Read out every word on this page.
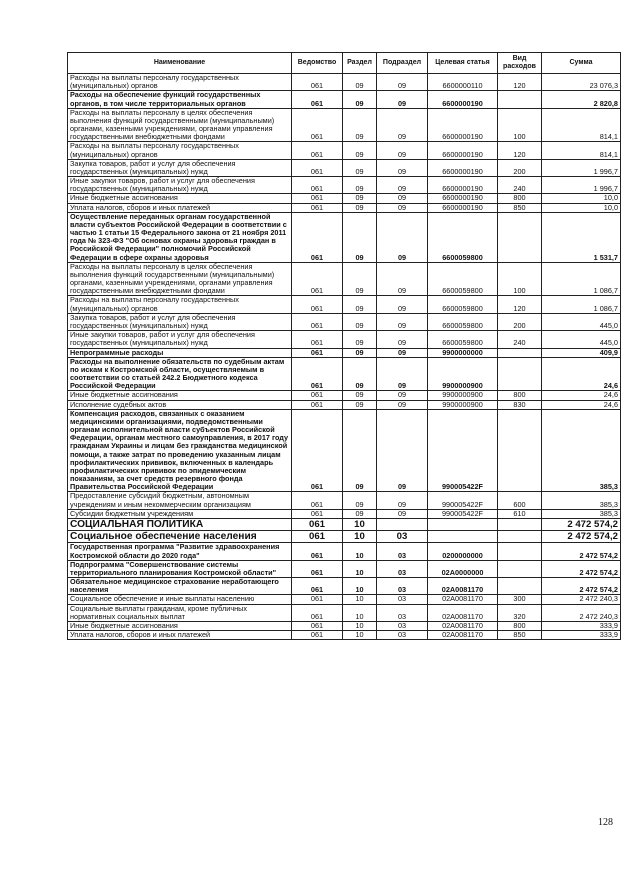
Наименование	Ведомство	Раздел	Подраздел	Целевая статья	Вид расходов	Сумма
Расходы на выплаты персоналу государственных (муниципальных) органов	061	09	09	6600000110	120	23 076,3
Расходы на обеспечение функций государственных органов, в том числе территориальных органов	061	09	09	6600000190		2 820,8
Расходы на выплаты персоналу в целях обеспечения выполнения функций государственными (муниципальными) органами, казенными учреждениями, органами управления государственными внебюджетными фондами	061	09	09	6600000190	100	814,1
Расходы на выплаты персоналу государственных (муниципальных) органов	061	09	09	6600000190	120	814,1
Закупка товаров, работ и услуг для обеспечения государственных (муниципальных) нужд	061	09	09	6600000190	200	1 996,7
Иные закупки товаров, работ и услуг для обеспечения государственных (муниципальных) нужд	061	09	09	6600000190	240	1 996,7
Иные бюджетные ассигнования	061	09	09	6600000190	800	10,0
Уплата налогов, сборов и иных платежей	061	09	09	6600000190	850	10,0
Осуществление переданных органам государственной власти субъектов Российской Федерации в соответствии с частью 1 статьи 15 Федерального закона от 21 ноября 2011 года № 323-ФЗ "Об основах охраны здоровья граждан в Российской Федерации" полномочий Российской Федерации в сфере охраны здоровья	061	09	09	6600059800		1 531,7
Расходы на выплаты персоналу в целях обеспечения выполнения функций государственными (муниципальными) органами, казенными учреждениями, органами управления государственными внебюджетными фондами	061	09	09	6600059800	100	1 086,7
Расходы на выплаты персоналу государственных (муниципальных) органов	061	09	09	6600059800	120	1 086,7
Закупка товаров, работ и услуг для обеспечения государственных (муниципальных) нужд	061	09	09	6600059800	200	445,0
Иные закупки товаров, работ и услуг для обеспечения государственных (муниципальных) нужд	061	09	09	6600059800	240	445,0
Непрограммные расходы	061	09	09	9900000000		409,9
Расходы на выполнение обязательств по судебным актам по искам к Костромской области, осуществляемым в соответствии со статьей 242.2 Бюджетного кодекса Российской Федерации	061	09	09	9900000900		24,6
Иные бюджетные ассигнования	061	09	09	9900000900	800	24,6
Исполнение судебных актов	061	09	09	9900000900	830	24,6
Компенсация расходов, связанных с оказанием медицинскими организациями, подведомственными органам исполнительной власти субъектов Российской Федерации, органам местного самоуправления, в 2017 году гражданам Украины и лицам без гражданства медицинской помощи, а также затрат по проведению указанным лицам профилактических прививок, включенных в календарь профилактических прививок по эпидемическим показаниям, за счет средств резервного фонда Правительства Российской Федерации	061	09	09	990005422F		385,3
Предоставление субсидий бюджетным, автономным учреждениям и иным некоммерческим организациям	061	09	09	990005422F	600	385,3
Субсидии бюджетным учреждениям	061	09	09	990005422F	610	385,3
СОЦИАЛЬНАЯ ПОЛИТИКА	061	10				2 472 574,2
Социальное обеспечение населения	061	10	03			2 472 574,2
Государственная программа "Развитие здравоохранения Костромской области до 2020 года"	061	10	03	0200000000		2 472 574,2
Подпрограмма "Совершенствование системы территориального планирования Костромской области"	061	10	03	02А0000000		2 472 574,2
Обязательное медицинское страхование неработающего населения	061	10	03	02А0081170		2 472 574,2
Социальное обеспечение и иные выплаты населению	061	10	03	02А0081170	300	2 472 240,3
Социальные выплаты гражданам, кроме публичных нормативных социальных выплат	061	10	03	02А0081170	320	2 472 240,3
Иные бюджетные ассигнования	061	10	03	02А0081170	800	333,9
Уплата налогов, сборов и иных платежей	061	10	03	02А0081170	850	333,9
128
